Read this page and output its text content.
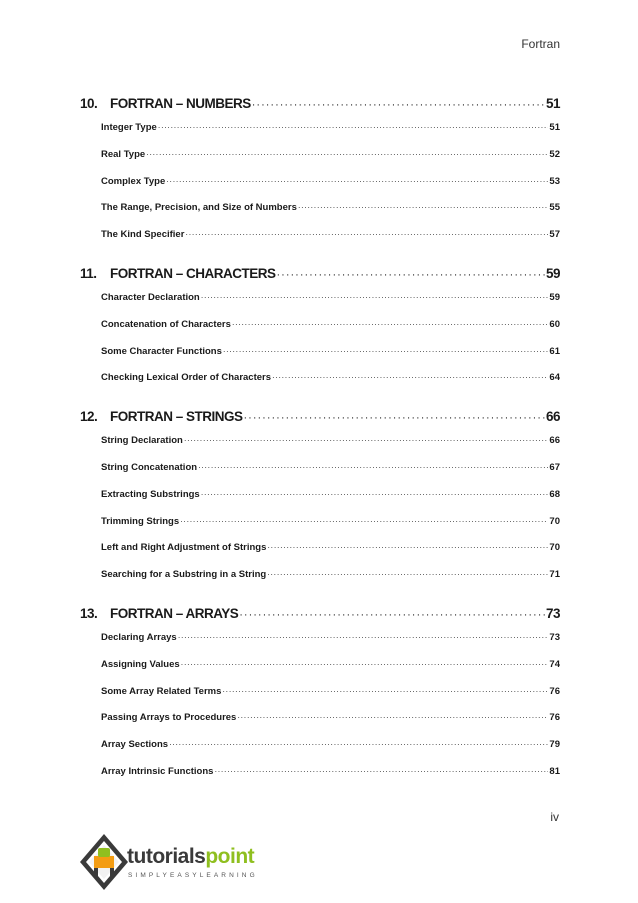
Fortran
10. FORTRAN – NUMBERS ·····	51
Integer Type ·····	51
Real Type ·····	52
Complex Type ·····	53
The Range, Precision, and Size of Numbers ·····	55
The Kind Specifier ·····	57
11. FORTRAN – CHARACTERS ·····	59
Character Declaration ·····	59
Concatenation of Characters ·····	60
Some Character Functions ·····	61
Checking Lexical Order of Characters ·····	64
12. FORTRAN – STRINGS ·····	66
String Declaration ·····	66
String Concatenation ·····	67
Extracting Substrings ·····	68
Trimming Strings ·····	70
Left and Right Adjustment of Strings ·····	70
Searching for a Substring in a String ·····	71
13. FORTRAN – ARRAYS ·····	73
Declaring Arrays ·····	73
Assigning Values ·····	74
Some Array Related Terms ·····	76
Passing Arrays to Procedures ·····	76
Array Sections ·····	79
Array Intrinsic Functions ·····	81
iv
tutorialspoint
SIMPLYEASYLEARNING
